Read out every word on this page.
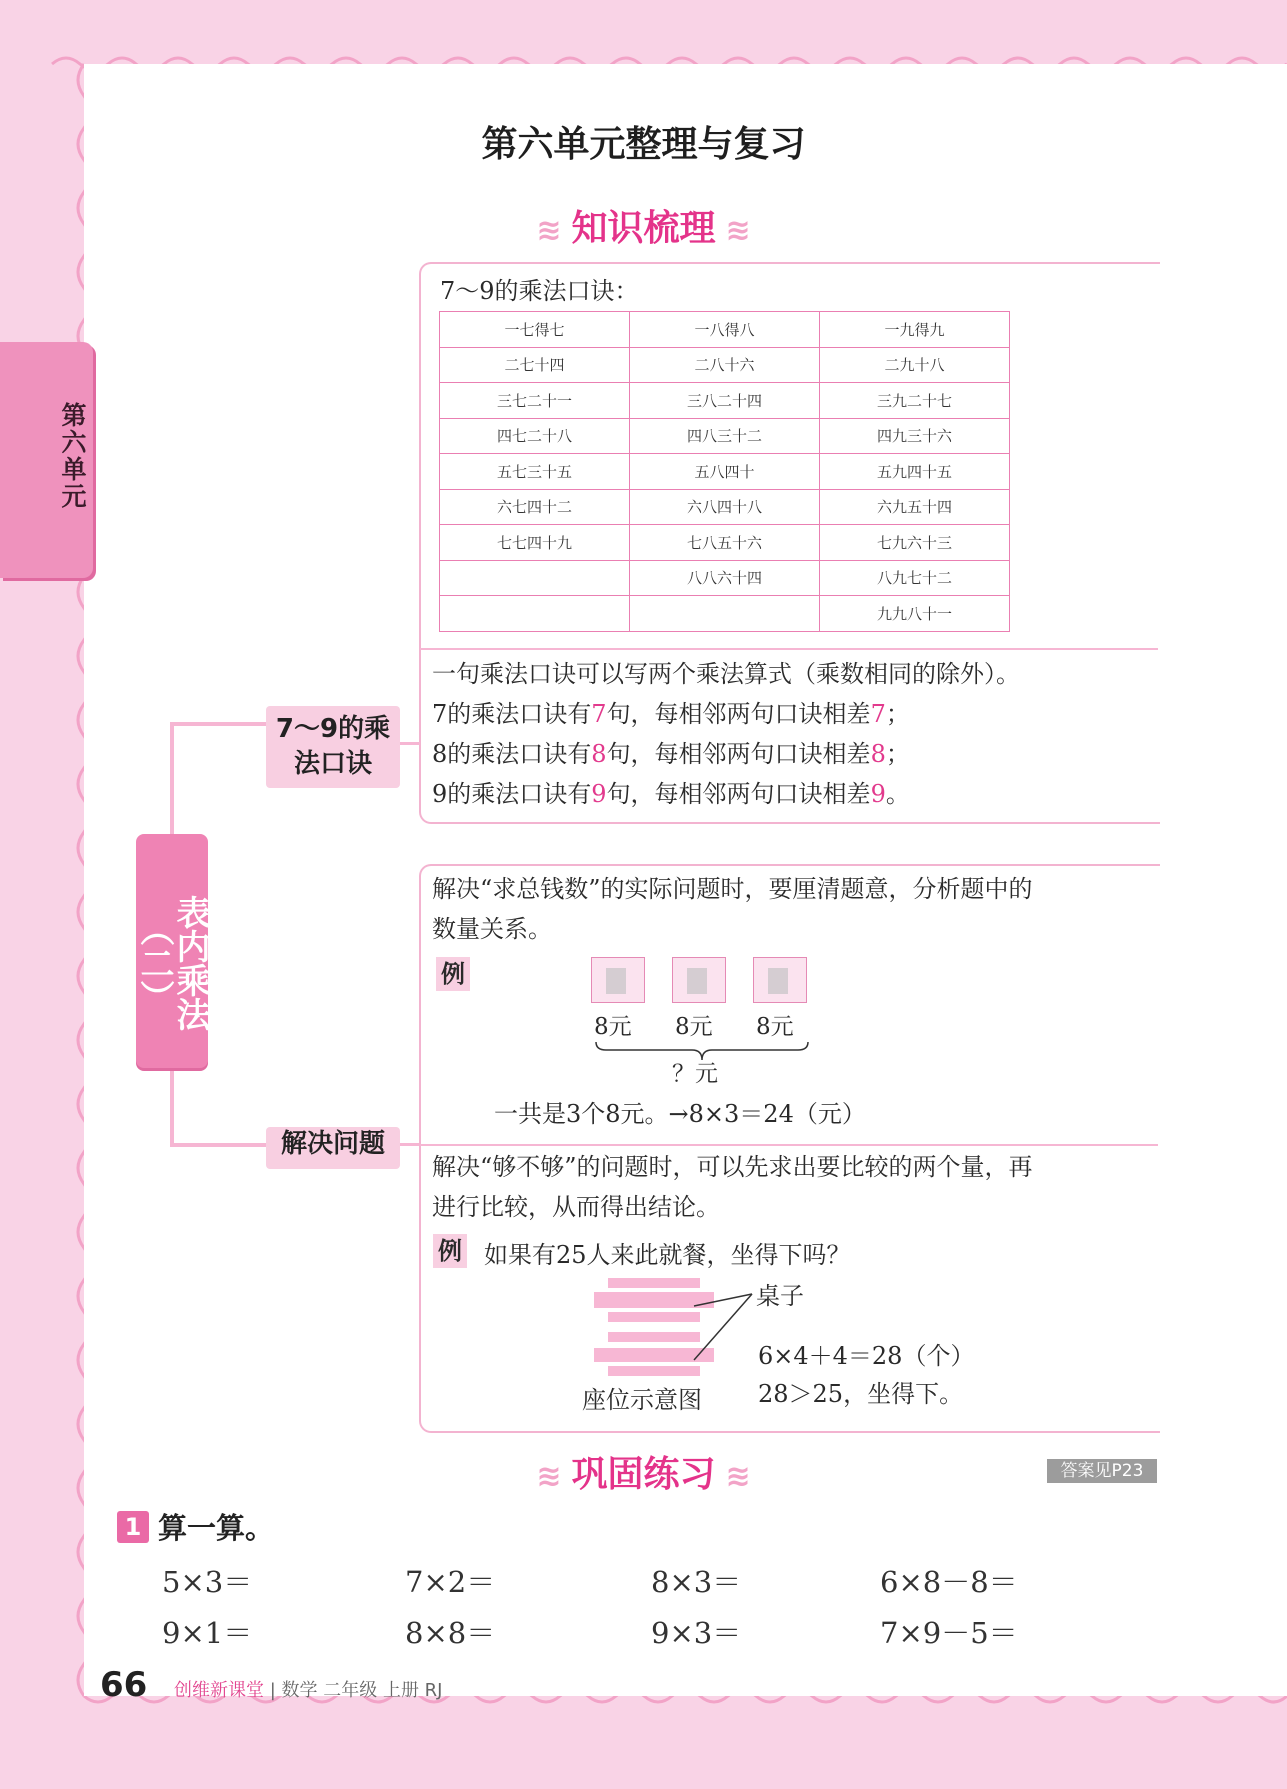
第六单元
第六单元整理与复习
≋ 知识梳理 ≋
7～9的乘法口诀：
一七得七	一八得八	一九得九
二七十四	二八十六	二九十八
三七二十一	三八二十四	三九二十七
四七二十八	四八三十二	四九三十六
五七三十五	五八四十	五九四十五
六七四十二	六八四十八	六九五十四
七七四十九	七八五十六	七九六十三
	八八六十四	八九七十二
		九九八十一
一句乘法口诀可以写两个乘法算式（乘数相同的除外）。
7的乘法口诀有7句，每相邻两句口诀相差7；
8的乘法口诀有8句，每相邻两句口诀相差8；
9的乘法口诀有9句，每相邻两句口诀相差9。
表内乘法（二）
7～9的乘法口诀
解决问题
解决“求总钱数”的实际问题时，要厘清题意，分析题中的
数量关系。
例
8元 8元 8元
？元
一共是3个8元。→8×3＝24（元）
解决“够不够”的问题时，可以先求出要比较的两个量，再
进行比较，从而得出结论。
例 如果有25人来此就餐，坐得下吗？
桌子
座位示意图
6×4＋4＝28（个）
28＞25，坐得下。
≋ 巩固练习 ≋	答案见P23
1 算一算。
5×3＝	7×2＝	8×3＝	6×8－8＝
9×1＝	8×8＝	9×3＝	7×9－5＝
66 创维新课堂 | 数学 二年级 上册 RJ
